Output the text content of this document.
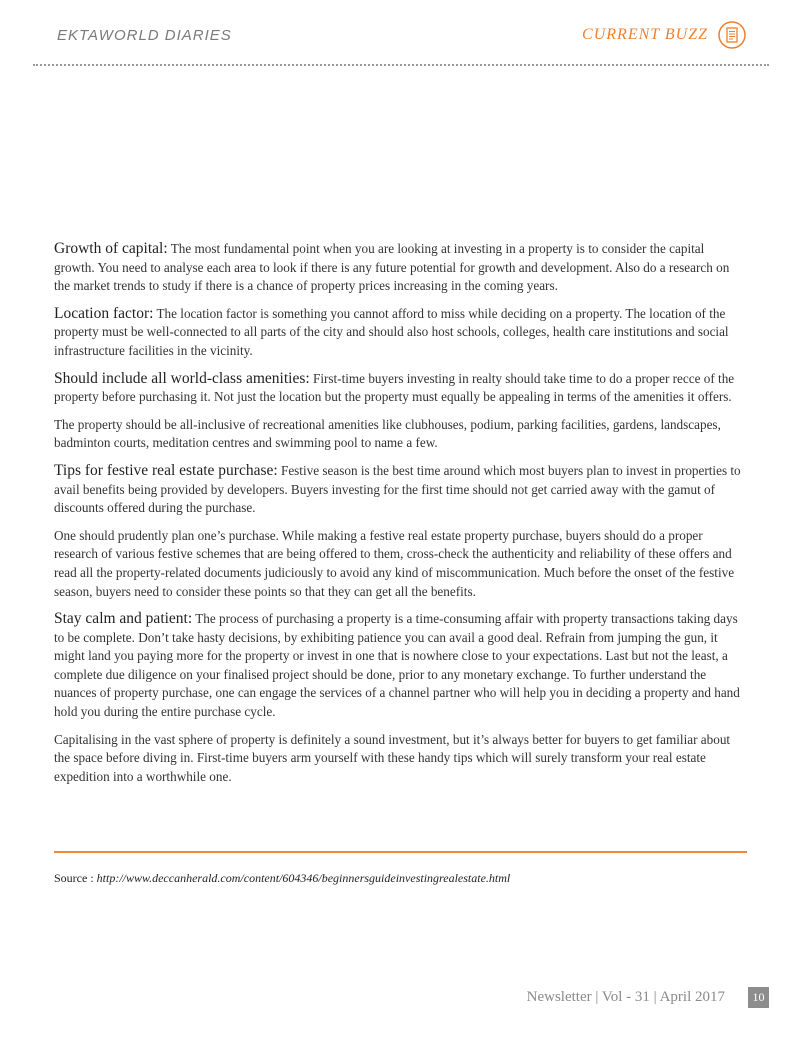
EKTAWORLD DIARIES	CURRENT BUZZ

Growth of capital: The most fundamental point when you are looking at investing in a property is to consider the capital growth. You need to analyse each area to look if there is any future potential for growth and development. Also do a research on the market trends to study if there is a chance of property prices increasing in the coming years.

Location factor: The location factor is something you cannot afford to miss while deciding on a property. The location of the property must be well-connected to all parts of the city and should also host schools, colleges, health care institutions and social infrastructure facilities in the vicinity.

Should include all world-class amenities: First-time buyers investing in realty should take time to do a proper recce of the property before purchasing it. Not just the location but the property must equally be appealing in terms of the amenities it offers.

The property should be all-inclusive of recreational amenities like clubhouses, podium, parking facilities, gardens, landscapes, badminton courts, meditation centres and swimming pool to name a few.

Tips for festive real estate purchase: Festive season is the best time around which most buyers plan to invest in properties to avail benefits being provided by developers. Buyers investing for the first time should not get carried away with the gamut of discounts offered during the purchase.

One should prudently plan one’s purchase. While making a festive real estate property purchase, buyers should do a proper research of various festive schemes that are being offered to them, cross-check the authenticity and reliability of these offers and read all the property-related documents judiciously to avoid any kind of miscommunication. Much before the onset of the festive season, buyers need to consider these points so that they can get all the benefits.

Stay calm and patient: The process of purchasing a property is a time-consuming affair with property transactions taking days to be complete. Don’t take hasty decisions, by exhibiting patience you can avail a good deal. Refrain from jumping the gun, it might land you paying more for the property or invest in one that is nowhere close to your expectations. Last but not the least, a complete due diligence on your finalised project should be done, prior to any monetary exchange. To further understand the nuances of property purchase, one can engage the services of a channel partner who will help you in deciding a property and hand hold you during the entire purchase cycle.

Capitalising in the vast sphere of property is definitely a sound investment, but it’s always better for buyers to get familiar about the space before diving in. First-time buyers arm yourself with these handy tips which will surely transform your real estate expedition into a worthwhile one.

Source : http://www.deccanherald.com/content/604346/beginnersguideinvestingrealestate.html
Newsletter | Vol - 31 | April 2017	10
